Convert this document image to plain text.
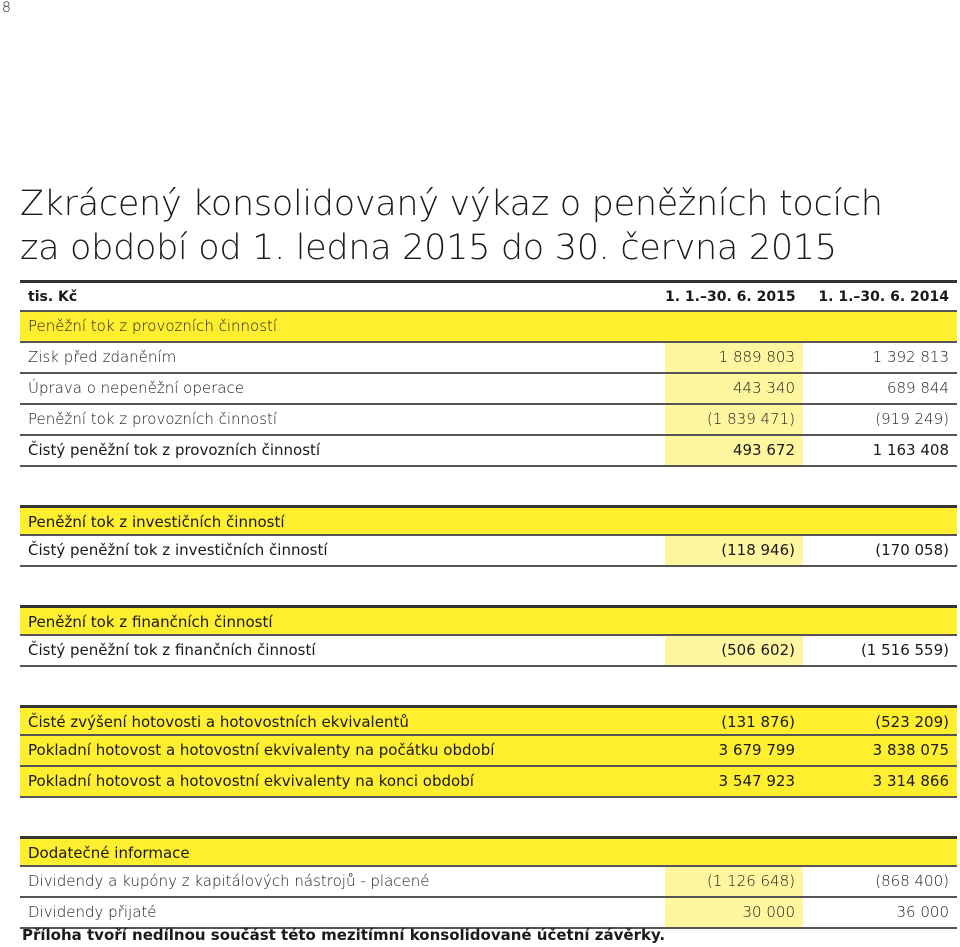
8
Zkrácený konsolidovaný výkaz o peněžních tocích
za období od 1. ledna 2015 do 30. června 2015
tis. Kč	1. 1.–30. 6. 2015	1. 1.–30. 6. 2014
Peněžní tok z provozních činností
Zisk před zdaněním	1 889 803	1 392 813
Úprava o nepeněžní operace	443 340	689 844
Peněžní tok z provozních činností	(1 839 471)	(919 249)
Čistý peněžní tok z provozních činností	493 672	1 163 408
Peněžní tok z investičních činností
Čistý peněžní tok z investičních činností	(118 946)	(170 058)
Peněžní tok z finančních činností
Čistý peněžní tok z finančních činností	(506 602)	(1 516 559)
Čisté zvýšení hotovosti a hotovostních ekvivalentů	(131 876)	(523 209)
Pokladní hotovost a hotovostní ekvivalenty na počátku období	3 679 799	3 838 075
Pokladní hotovost a hotovostní ekvivalenty na konci období	3 547 923	3 314 866
Dodatečné informace
Dividendy a kupóny z kapitálových nástrojů - placené	(1 126 648)	(868 400)
Dividendy přijaté	30 000	36 000
Příloha tvoří nedílnou součást této mezitímní konsolidované účetní závěrky.
